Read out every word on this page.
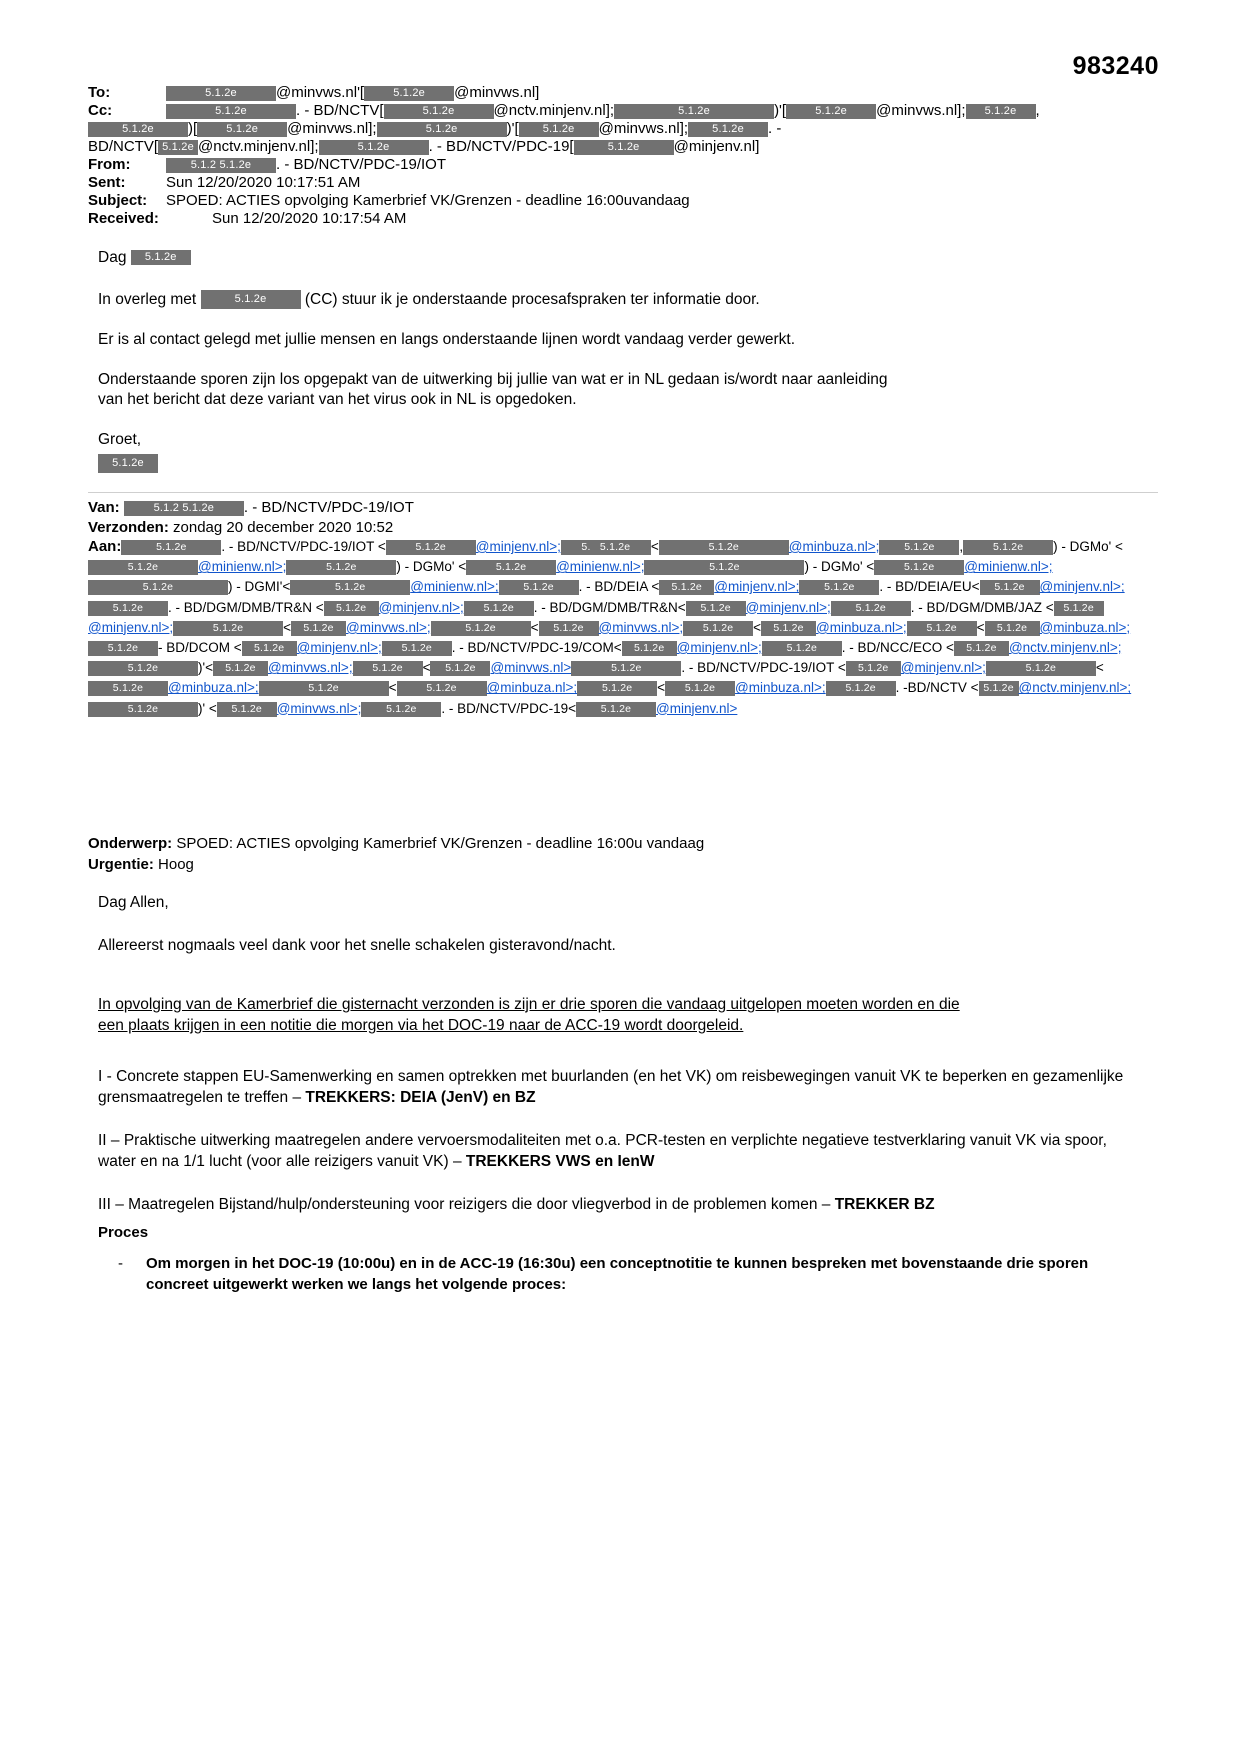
983240
To:	5.1.2e	@minvws.nl'[	5.1.2e @minvws.nl]
Cc:	5.1.2e	. - BD/NCTV[	5.1.2e	@nctv.minjenv.nl];	5.1.2e	)'[	5.1.2e @minvws.nl]; 5.1.2e ,
5.1.2e )[	5.1.2e @minvws.nl];	5.1.2e	)'[ 5.1.2e @minvws.nl]; 5.1.2e . -
BD/NCTV[ 5.1.2e @nctv.minjenv.nl];	5.1.2e	. - BD/NCTV/PDC-19[	5.1.2e @minjenv.nl]
From:	5.1.2 5.1.2e . - BD/NCTV/PDC-19/IOT
Sent:	Sun 12/20/2020 10:17:51 AM
Subject: SPOED: ACTIES opvolging Kamerbrief VK/Grenzen - deadline 16:00uvandaag
Received:	Sun 12/20/2020 10:17:54 AM

Dag 5.1.2e

In overleg met	5.1.2e (CC) stuur ik je onderstaande procesafspraken ter informatie door.

Er is al contact gelegd met jullie mensen en langs onderstaande lijnen wordt vandaag verder gewerkt.

Onderstaande sporen zijn los opgepakt van de uitwerking bij jullie van wat er in NL gedaan is/wordt naar aanleiding
van het bericht dat deze variant van het virus ook in NL is opgedoken.

Groet,

5.1.2e

Van:	5.1.2 5.1.2e . - BD/NCTV/PDC-19/IOT
Verzonden: zondag 20 december 2020 10:52
Aan:	5.1.2e	. - BD/NCTV/PDC-19/IOT <	5.1.2e @minjenv.nl>; 5.   5.1.2e <	5.1.2e	@minbuza.nl>; 5.1.2e ,	5.1.2e ) - DGMo' <5.1.2e	@minienw.nl>;	5.1.2e	) - DGMo' <	5.1.2e @minienw.nl>;	5.1.2e	) - DGMo' <	5.1.2e @minienw.nl>;5.1.2e	) - DGMI'<	5.1.2e	@minienw.nl>; 5.1.2e . - BD/DEIA < 5.1.2e @minjenv.nl>; 5.1.2e . - BD/DEIA/EU< 5.1.2e @minjenv.nl>;5.1.2e . - BD/DGM/DMB/TR&N < 5.1.2e @minjenv.nl>; 5.1.2e . - BD/DGM/DMB/TR&N< 5.1.2e @minjenv.nl>; 5.1.2e . - BD/DGM/DMB/JAZ < 5.1.2e@minjenv.nl>;	5.1.2e	< 5.1.2e @minvws.nl>;	5.1.2e	< 5.1.2e @minvws.nl>; 5.1.2e < 5.1.2e @minbuza.nl>; 5.1.2e < 5.1.2e @minbuza.nl>;5.1.2e - BD/DCOM < 5.1.2e @minjenv.nl>; 5.1.2e . - BD/NCTV/PDC-19/COM< 5.1.2e @minjenv.nl>; 5.1.2e . - BD/NCC/ECO < 5.1.2e @nctv.minjenv.nl>;5.1.2e	)'< 5.1.2e @minvws.nl>; 5.1.2e < 5.1.2e @minvws.nl>	5.1.2e	. - BD/NCTV/PDC-19/IOT < 5.1.2e @minjenv.nl>;	5.1.2e	<5.1.2e @minbuza.nl>;	5.1.2e	<	5.1.2e @minbuza.nl>; 5.1.2e < 5.1.2e @minbuza.nl>; 5.1.2e . -BD/NCTV < 5.1.2e @nctv.minjenv.nl>;5.1.2e	)' < 5.1.2e @minvws.nl>; 5.1.2e . - BD/NCTV/PDC-19< 5.1.2e @minjenv.nl>
Onderwerp: SPOED: ACTIES opvolging Kamerbrief VK/Grenzen - deadline 16:00u vandaag
Urgentie: Hoog

Dag Allen,

Allereerst nogmaals veel dank voor het snelle schakelen gisteravond/nacht.

In opvolging van de Kamerbrief die gisternacht verzonden is zijn er drie sporen die vandaag uitgelopen moeten worden en die
een plaats krijgen in een notitie die morgen via het DOC-19 naar de ACC-19 wordt doorgeleid.

I - Concrete stappen EU-Samenwerking en samen optrekken met buurlanden (en het VK) om reisbewegingen vanuit VK te beperken en gezamenlijke grensmaatregelen te treffen – TREKKERS: DEIA (JenV) en BZ

II – Praktische uitwerking maatregelen andere vervoersmodaliteiten met o.a. PCR-testen en verplichte negatieve testverklaring vanuit VK via spoor, water en na 1/1 lucht (voor alle reizigers vanuit VK) – TREKKERS VWS en IenW

III – Maatregelen Bijstand/hulp/ondersteuning voor reizigers die door vliegverbod in de problemen komen – TREKKER BZ

Proces
-	Om morgen in het DOC-19 (10:00u) en in de ACC-19 (16:30u) een conceptnotitie te kunnen bespreken met bovenstaande drie sporen concreet uitgewerkt werken we langs het volgende proces:
